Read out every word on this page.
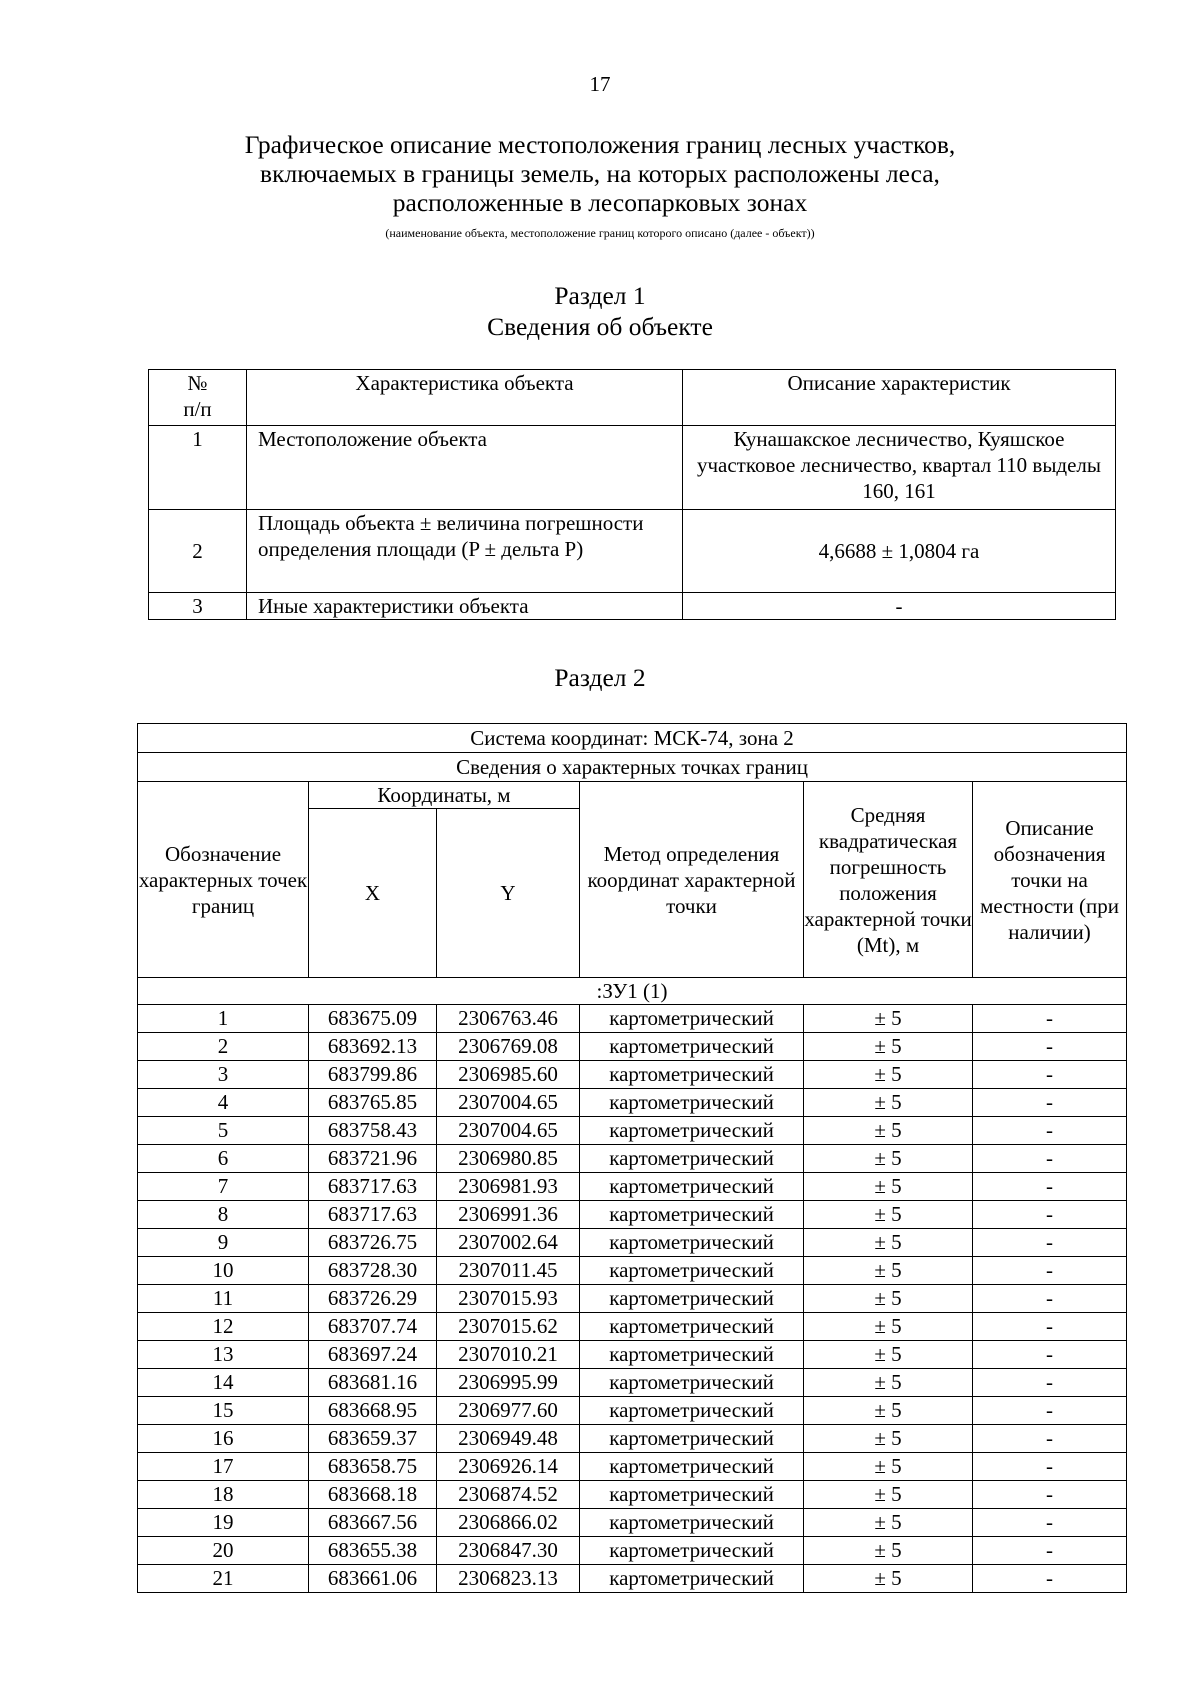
17
Графическое описание местоположения границ лесных участков,
включаемых в границы земель, на которых расположены леса,
расположенные в лесопарковых зонах
(наименование объекта, местоположение границ которого описано (далее - объект))
Раздел 1
Сведения об объекте
№
п/п	Характеристика объекта	Описание характеристик
1	Местоположение объекта	Кунашакское лесничество, Куяшское участковое лесничество, квартал 110 выделы 160, 161
2	Площадь объекта ± величина погрешности определения площади (P ± дельта P)	4,6688 ± 1,0804 га
3	Иные характеристики объекта	-
Раздел 2
Система координат: МСК-74, зона 2					
Сведения о характерных точках границ					
Обозначение характерных точек границ	Координаты, м		Метод определения координат характерной точки	Средняя квадратическая погрешность положения характерной точки (Mt), м	Описание обозначения точки на местности (при наличии)
	X	Y			
:ЗУ1 (1)					
1	683675.09	2306763.46	картометрический	± 5	-
2	683692.13	2306769.08	картометрический	± 5	-
3	683799.86	2306985.60	картометрический	± 5	-
4	683765.85	2307004.65	картометрический	± 5	-
5	683758.43	2307004.65	картометрический	± 5	-
6	683721.96	2306980.85	картометрический	± 5	-
7	683717.63	2306981.93	картометрический	± 5	-
8	683717.63	2306991.36	картометрический	± 5	-
9	683726.75	2307002.64	картометрический	± 5	-
10	683728.30	2307011.45	картометрический	± 5	-
11	683726.29	2307015.93	картометрический	± 5	-
12	683707.74	2307015.62	картометрический	± 5	-
13	683697.24	2307010.21	картометрический	± 5	-
14	683681.16	2306995.99	картометрический	± 5	-
15	683668.95	2306977.60	картометрический	± 5	-
16	683659.37	2306949.48	картометрический	± 5	-
17	683658.75	2306926.14	картометрический	± 5	-
18	683668.18	2306874.52	картометрический	± 5	-
19	683667.56	2306866.02	картометрический	± 5	-
20	683655.38	2306847.30	картометрический	± 5	-
21	683661.06	2306823.13	картометрический	± 5	-
